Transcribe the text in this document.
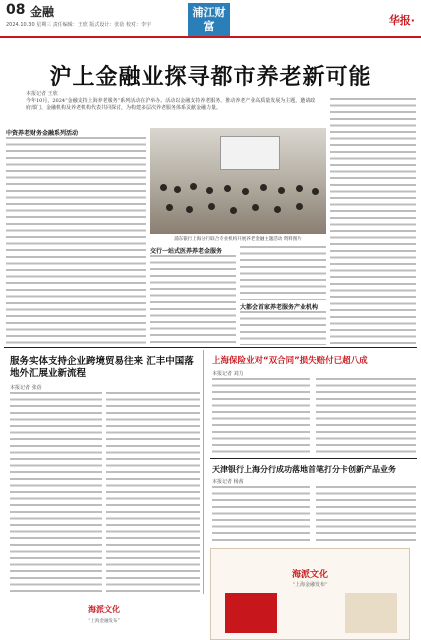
08 金融
2024.10.30 星期三 责任编辑：王欣 版式设计：张蓓 校对：李宇
浦江财富	华报·
沪上金融业探寻都市养老新可能
本报记者 王欣
今年10月，2024“金融支持上海养老服务”系列活动在沪举办。活动以金融支持养老服务、推动养老产业高质量发展为主题，邀请政府部门、金融机构及养老机构代表共同探讨，为构建多层次养老服务体系贡献金融力量。
中资养老财务金融系列活动
浦东银行上海分行联合专业机构开展养老金融主题活动 资料图片
交行一站式医养养老金服务
大都会首家养老服务产业机构
服务实体支持企业跨境贸易往来 汇丰中国落地外汇展业新流程
本报记者 张蓓
上海保险业对“双合同”损失赔付已超八成
本报记者 刘力
天津银行上海分行成功落地首笔打分卡创新产品业务
本报记者 杨茜
海派文化
“上海金融发布”
海派文化
“上海金融发布”
